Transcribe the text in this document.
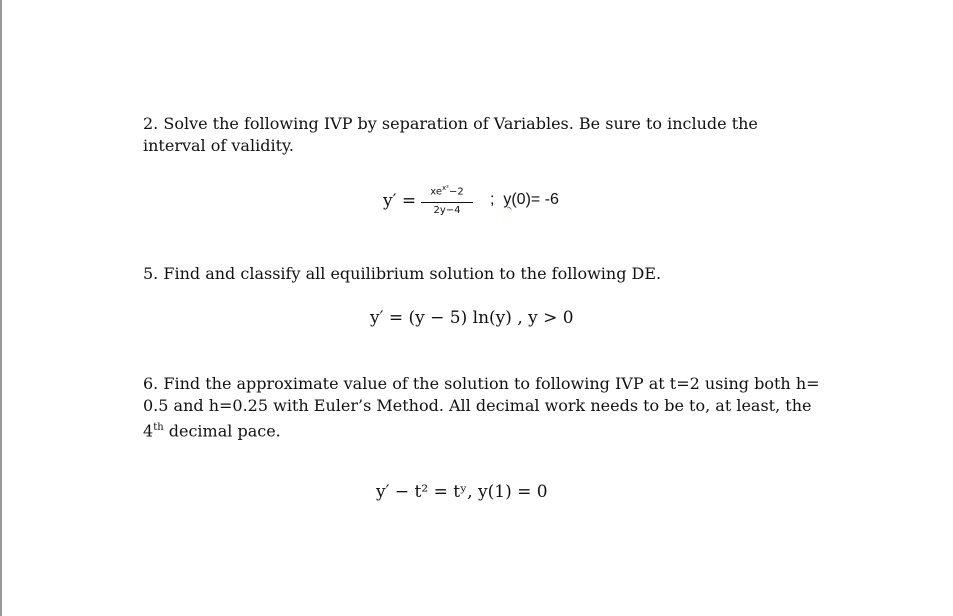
2. Solve the following IVP by separation of Variables. Be sure to include the interval of validity.

y′ =	$xe^{x^2}-2$
2y−4
; y(0)= -6

5. Find and classify all equilibrium solution to the following DE.

y′ = (y − 5) ln(y) , y > 0

6. Find the approximate value of the solution to following IVP at t=2 using both h= 0.5 and h=0.25 with Euler’s Method. All decimal work needs to be to, at least, the 4th decimal pace.

y′ − t² = tʸ, y(1) = 0
